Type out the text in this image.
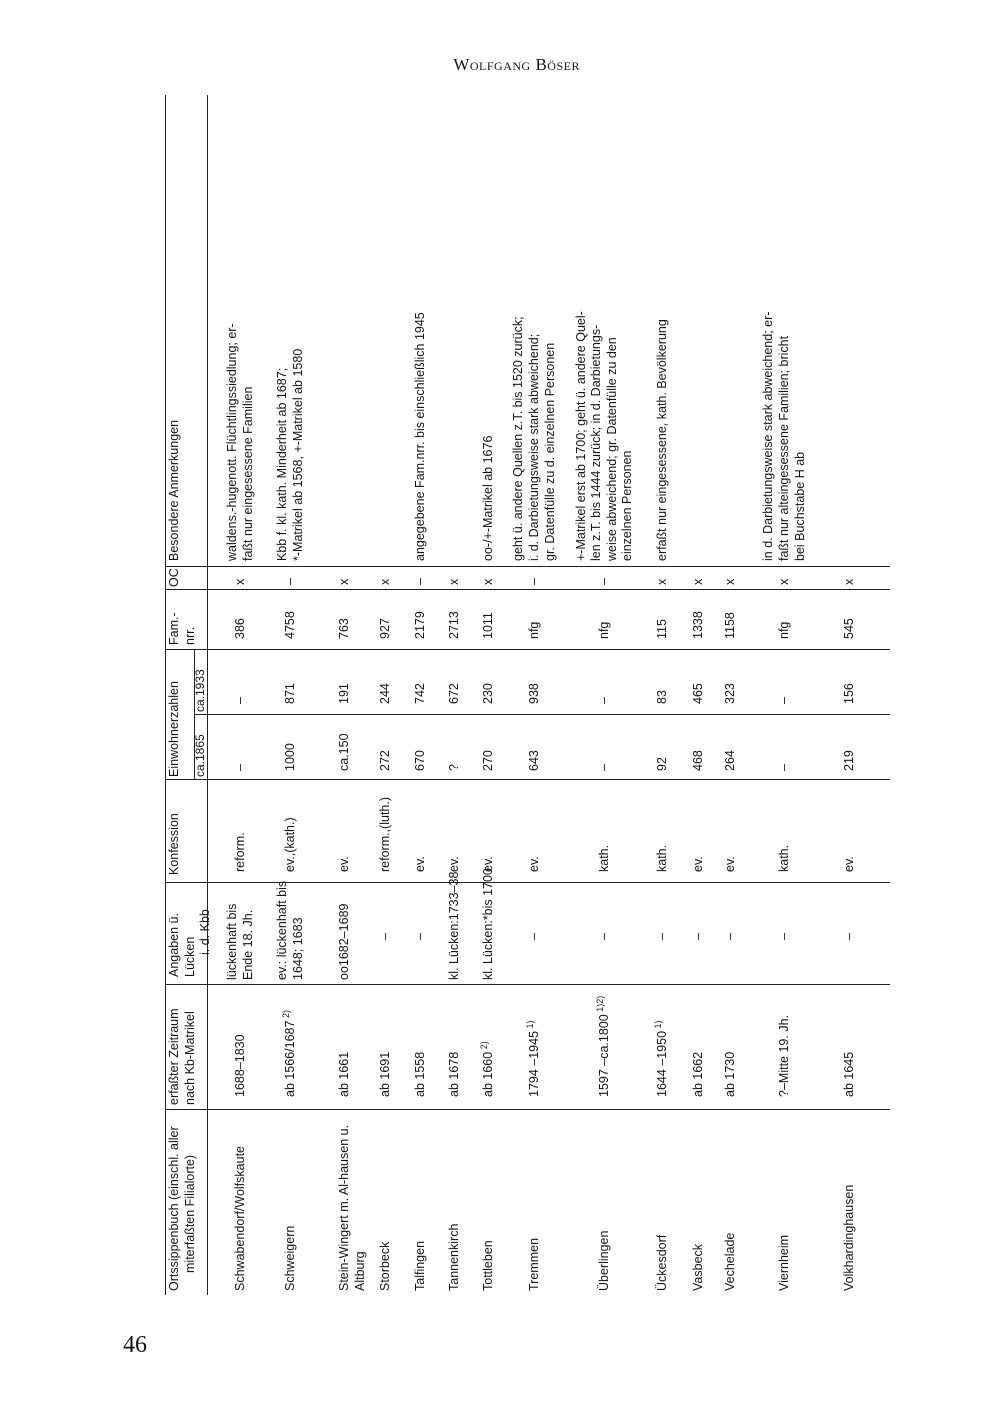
Wolfgang Böser
46
Ortssippenbuch (einschl. aller miterfaßten Filialorte)
erfaßter Zeitraum nach Kb-Matrikel
Angaben ü. Lücken
i. d. Kbb
Konfession
Einwohnerzahlen ca.1865
ca.1933
Fam.- nrr.
OC
Besondere Anmerkungen
Schwabendorf/Wolfskaute
1688–1830
lückenhaft bis Ende 18. Jh.
reform.
–
–
386
x
waldens.-hugenott. Flüchtlingssiedlung; er- faßt nur eingesessene Familien
Schweigern
ab 1566/1687 $^{2)}$
ev.: lückenhaft bis 1648; 1683
ev.,(kath.)
1000
871
4758
–
Kbb f. kl. kath. Minderheit ab 1687; *-Matrikel ab 1568, +-Matrikel ab 1580
Stein-Wingert m. Al-hausen u. Altburg
ab 1661
oo1682–1689
ev.
ca.150
191
763
x
Storbeck
ab 1691
–
reform.,(luth.)
272
244
927
x
Talfingen
ab 1558
–
ev.
670
742
2179
–
angegebene Fam.nrr. bis einschließlich 1945
Tannenkirch
ab 1678
kl. Lücken:1733–38
ev.
?
672
2713
x
Tottleben
ab 1660 $^{2)}$
kl. Lücken:*bis 1700
ev.
270
230
1011
x
oo-/+-Matrikel ab 1676
Tremmen
1794 –1945 $^{1)}$
–
ev.
643
938
nfg
–
geht ü. andere Quellen z.T. bis 1520 zurück; i. d. Darbietungsweise stark abweichend; gr. Datenfülle zu d. einzelnen Personen
Überlingen
1597 –ca.1800 $^{1)2)}$
–
kath.
–
–
nfg
–
+-Matrikel erst ab 1700; geht ü. andere Quel- len z.T. bis 1444 zurück; in d. Darbietungs- weise abweichend; gr. Datenfülle zu den einzelnen Personen
Ückesdorf
1644 –1950 $^{1)}$
–
kath.
92
83
115
x
erfaßt nur eingesessene, kath. Bevölkerung
Vasbeck
ab 1662
–
ev.
468
465
1338
x
Vechelade
ab 1730
–
ev.
264
323
1158
x
Viernheim
?–Mitte 19. Jh.
–
kath.
–
–
nfg
x
in d. Darbietungsweise stark abweichend; er- faßt nur alteingesessene Familien; bricht bei Buchstabe H ab
Volkhardinghausen
ab 1645
–
ev.
219
156
545
x
